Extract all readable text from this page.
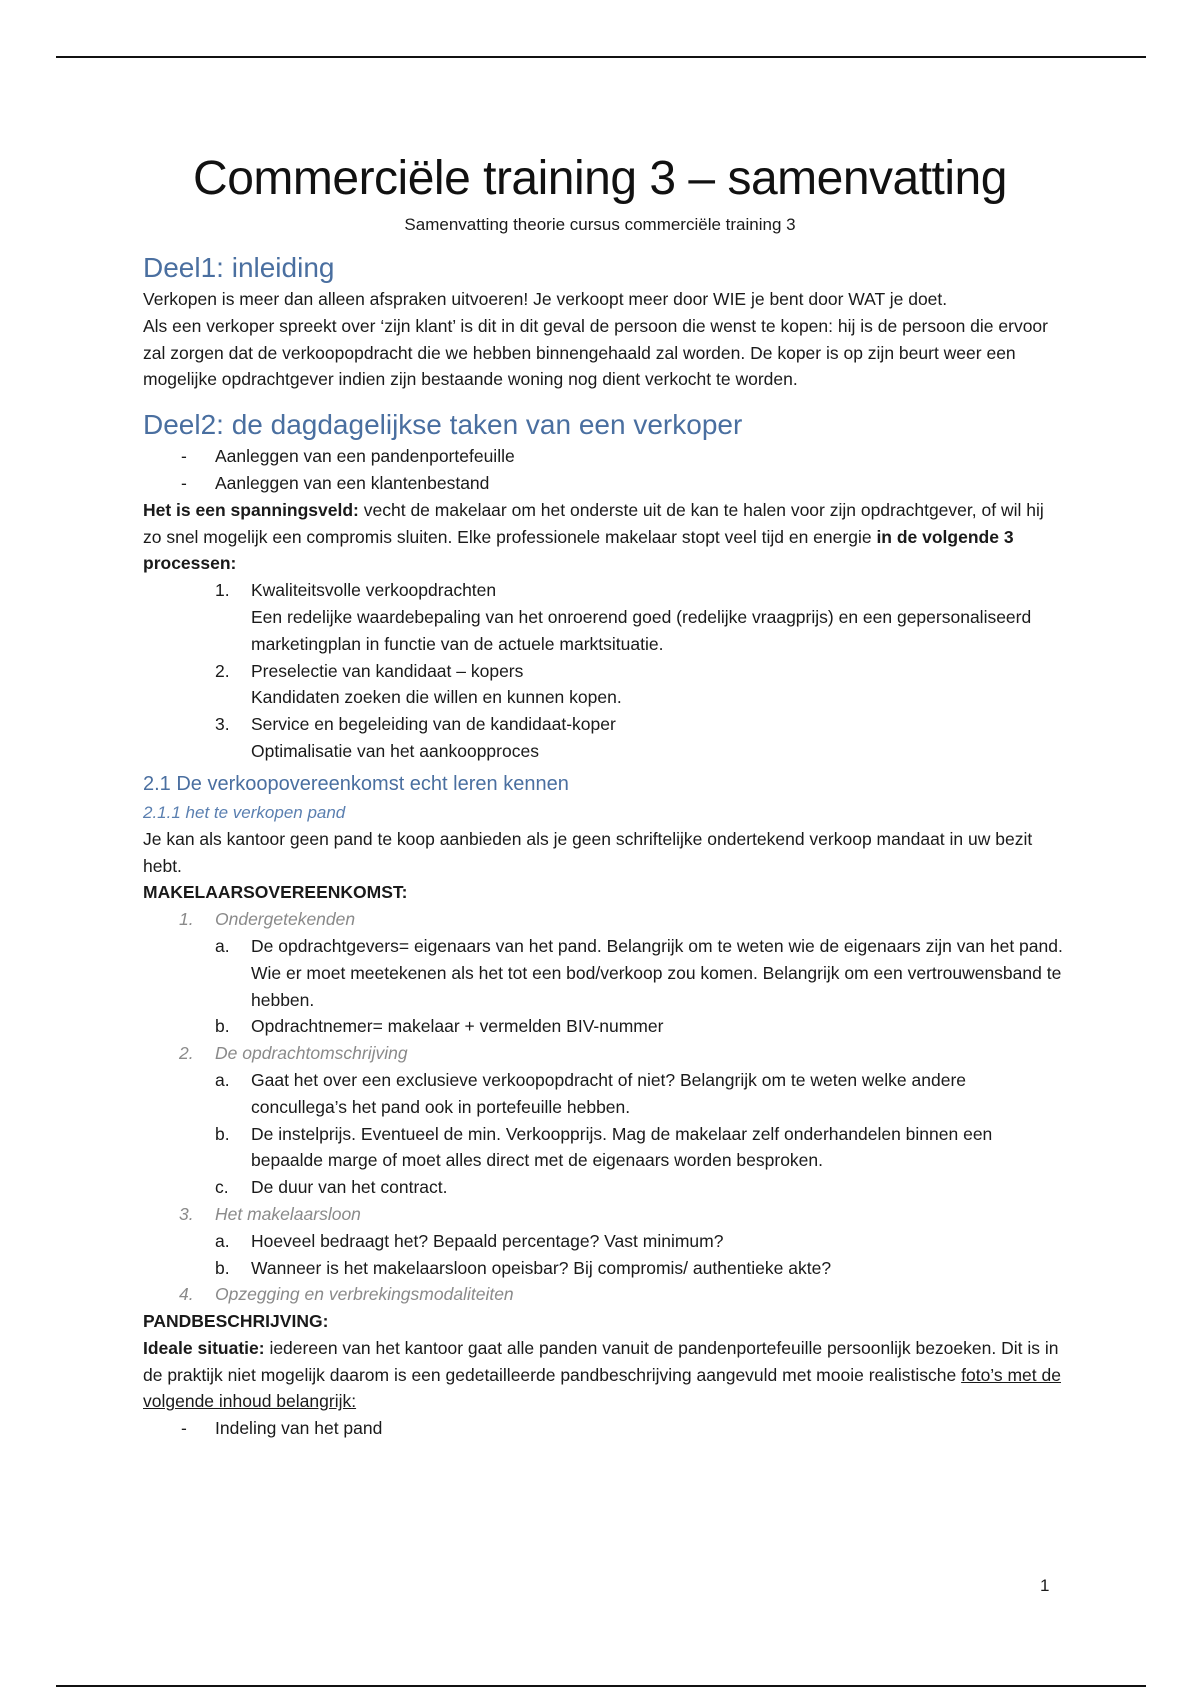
Commerciële training 3 – samenvatting

Samenvatting theorie cursus commerciële training 3

Deel1: inleiding

Verkopen is meer dan alleen afspraken uitvoeren! Je verkoopt meer door WIE je bent door WAT je doet.

Als een verkoper spreekt over ‘zijn klant’ is dit in dit geval de persoon die wenst te kopen: hij is de persoon die ervoor zal zorgen dat de verkoopopdracht die we hebben binnengehaald zal worden. De koper is op zijn beurt weer een mogelijke opdrachtgever indien zijn bestaande woning nog dient verkocht te worden.

Deel2: de dagdagelijkse taken van een verkoper
- Aanleggen van een pandenportefeuille
- Aanleggen van een klantenbestand

Het is een spanningsveld: vecht de makelaar om het onderste uit de kan te halen voor zijn opdrachtgever, of wil hij zo snel mogelijk een compromis sluiten. Elke professionele makelaar stopt veel tijd en energie in de volgende 3 processen:

1. Kwaliteitsvolle verkoopdrachten
Een redelijke waardebepaling van het onroerend goed (redelijke vraagprijs) en een gepersonaliseerd marketingplan in functie van de actuele marktsituatie.
2. Preselectie van kandidaat – kopers
Kandidaten zoeken die willen en kunnen kopen.
3. Service en begeleiding van de kandidaat-koper
Optimalisatie van het aankoopproces
2.1 De verkoopovereenkomst echt leren kennen
2.1.1 het te verkopen pand

Je kan als kantoor geen pand te koop aanbieden als je geen schriftelijke ondertekend verkoop mandaat in uw bezit hebt.

MAKELAARSOVEREENKOMST:

1. Ondergetekenden
a. De opdrachtgevers= eigenaars van het pand. Belangrijk om te weten wie de eigenaars zijn van het pand. Wie er moet meetekenen als het tot een bod/verkoop zou komen. Belangrijk om een vertrouwensband te hebben.
b. Opdrachtnemer= makelaar + vermelden BIV-nummer
2. De opdrachtomschrijving
a. Gaat het over een exclusieve verkoopopdracht of niet? Belangrijk om te weten welke andere concullega’s het pand ook in portefeuille hebben.
b. De instelprijs. Eventueel de min. Verkoopprijs. Mag de makelaar zelf onderhandelen binnen een bepaalde marge of moet alles direct met de eigenaars worden besproken.
c. De duur van het contract.
3. Het makelaarsloon
a. Hoeveel bedraagt het? Bepaald percentage? Vast minimum?
b. Wanneer is het makelaarsloon opeisbar? Bij compromis/ authentieke akte?
4. Opzegging en verbrekingsmodaliteiten

PANDBESCHRIJVING:

Ideale situatie: iedereen van het kantoor gaat alle panden vanuit de pandenportefeuille persoonlijk bezoeken. Dit is in de praktijk niet mogelijk daarom is een gedetailleerde pandbeschrijving aangevuld met mooie realistische foto’s met de volgende inhoud belangrijk:

- Indeling van het pand
1
